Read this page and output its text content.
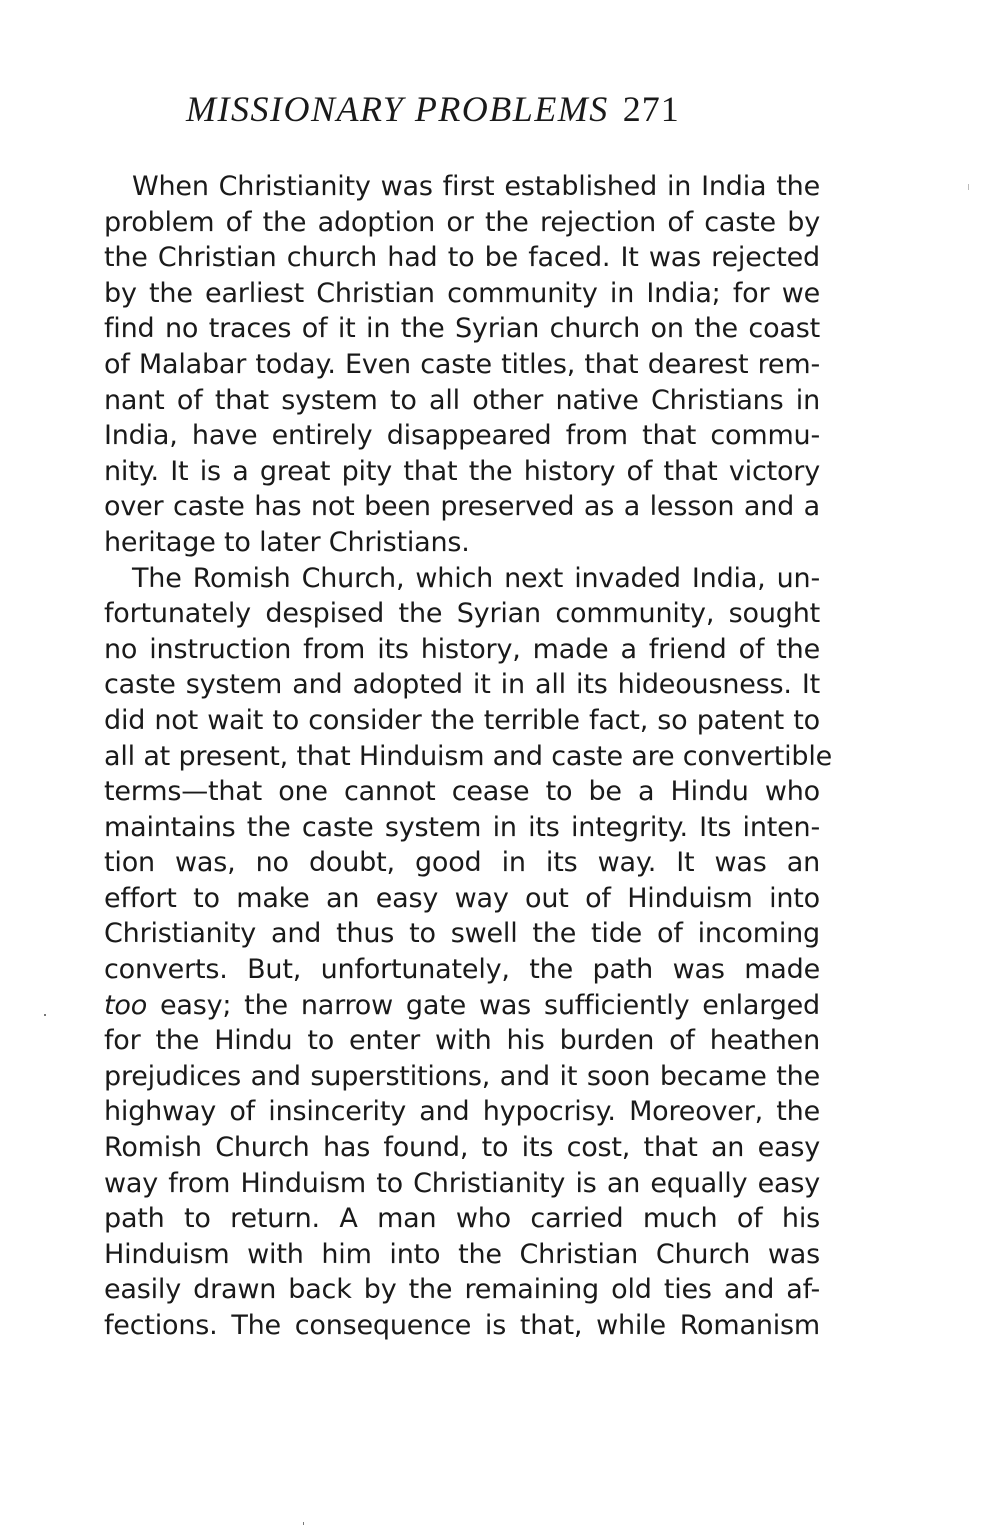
MISSIONARY PROBLEMS 271
When Christianity was first established in India the
problem of the adoption or the rejection of caste by
the Christian church had to be faced. It was rejected
by the earliest Christian community in India; for we
find no traces of it in the Syrian church on the coast
of Malabar today. Even caste titles, that dearest rem-
nant of that system to all other native Christians in
India, have entirely disappeared from that commu-
nity. It is a great pity that the history of that victory
over caste has not been preserved as a lesson and a
heritage to later Christians.
The Romish Church, which next invaded India, un-
fortunately despised the Syrian community, sought
no instruction from its history, made a friend of the
caste system and adopted it in all its hideousness. It
did not wait to consider the terrible fact, so patent to
all at present, that Hinduism and caste are convertible
terms—that one cannot cease to be a Hindu who
maintains the caste system in its integrity. Its inten-
tion was, no doubt, good in its way. It was an
effort to make an easy way out of Hinduism into
Christianity and thus to swell the tide of incoming
converts. But, unfortunately, the path was made
too easy; the narrow gate was sufficiently enlarged
for the Hindu to enter with his burden of heathen
prejudices and superstitions, and it soon became the
highway of insincerity and hypocrisy. Moreover, the
Romish Church has found, to its cost, that an easy
way from Hinduism to Christianity is an equally easy
path to return. A man who carried much of his
Hinduism with him into the Christian Church was
easily drawn back by the remaining old ties and af-
fections. The consequence is that, while Romanism
